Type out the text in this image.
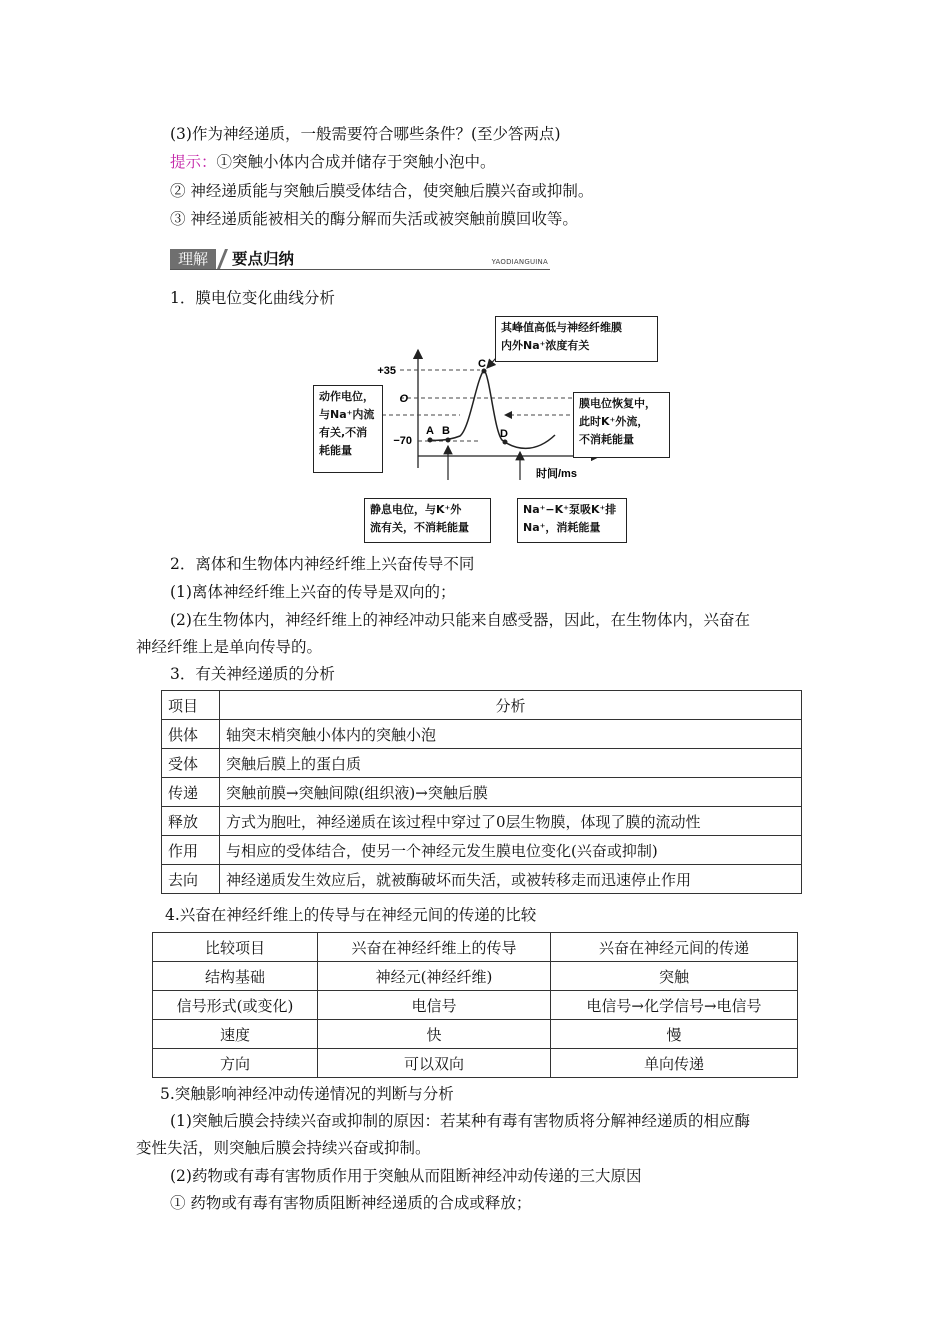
(3)作为神经递质，一般需要符合哪些条件？(至少答两点)
提示：①突触小体内合成并储存于突触小泡中。
② 神经递质能与突触后膜受体结合，使突触后膜兴奋或抑制。
③ 神经递质能被相关的酶分解而失活或被突触前膜回收等。
理解	要点归纳	YAODIANGUINA
1．膜电位变化曲线分析
+35
O
−70
A B
C
D
时间/ms
其峰值高低与神经纤维膜
内外Na⁺浓度有关
动作电位，
与Na⁺内流
有关,不消
耗能量
膜电位恢复中，
此时K⁺外流，
不消耗能量
静息电位，与K⁺外
流有关，不消耗能量
Na⁺−K⁺泵吸K⁺排
Na⁺，消耗能量
2．离体和生物体内神经纤维上兴奋传导不同
(1)离体神经纤维上兴奋的传导是双向的；
(2)在生物体内，神经纤维上的神经冲动只能来自感受器，因此，在生物体内，兴奋在
神经纤维上是单向传导的。
3．有关神经递质的分析
项目	分析
供体	轴突末梢突触小体内的突触小泡
受体	突触后膜上的蛋白质
传递	突触前膜→突触间隙(组织液)→突触后膜
释放	方式为胞吐，神经递质在该过程中穿过了0层生物膜，体现了膜的流动性
作用	与相应的受体结合，使另一个神经元发生膜电位变化(兴奋或抑制)
去向	神经递质发生效应后，就被酶破坏而失活，或被转移走而迅速停止作用
4.兴奋在神经纤维上的传导与在神经元间的传递的比较
比较项目	兴奋在神经纤维上的传导	兴奋在神经元间的传递
结构基础	神经元(神经纤维)	突触
信号形式(或变化)	电信号	电信号→化学信号→电信号
速度	快	慢
方向	可以双向	单向传递
5.突触影响神经冲动传递情况的判断与分析
(1)突触后膜会持续兴奋或抑制的原因：若某种有毒有害物质将分解神经递质的相应酶
变性失活，则突触后膜会持续兴奋或抑制。
(2)药物或有毒有害物质作用于突触从而阻断神经冲动传递的三大原因
① 药物或有毒有害物质阻断神经递质的合成或释放；
